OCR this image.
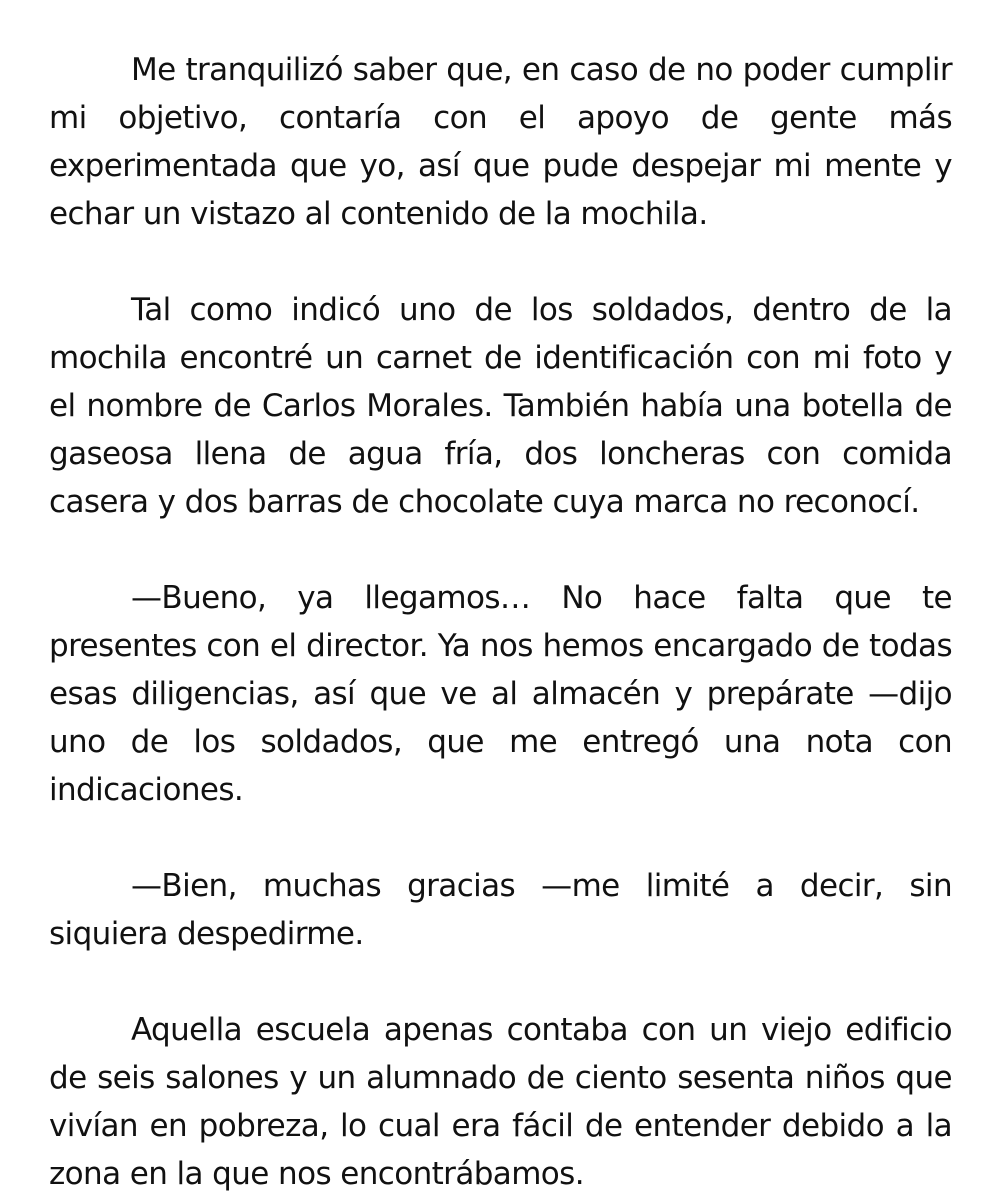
Me tranquilizó saber que, en caso de no poder cumplir mi objetivo, contaría con el apoyo de gente más experimentada que yo, así que pude despejar mi mente y echar un vistazo al contenido de la mochila.

Tal como indicó uno de los soldados, dentro de la mochila encontré un carnet de identificación con mi foto y el nombre de Carlos Morales. También había una botella de gaseosa llena de agua fría, dos loncheras con comida casera y dos barras de chocolate cuya marca no reconocí.

—Bueno, ya llegamos… No hace falta que te presentes con el director. Ya nos hemos encargado de todas esas diligencias, así que ve al almacén y prepárate —dijo uno de los soldados, que me entregó una nota con indicaciones.

—Bien, muchas gracias —me limité a decir, sin siquiera despedirme.

Aquella escuela apenas contaba con un viejo edificio de seis salones y un alumnado de ciento sesenta niños que vivían en pobreza, lo cual era fácil de entender debido a la zona en la que nos encontrábamos.
